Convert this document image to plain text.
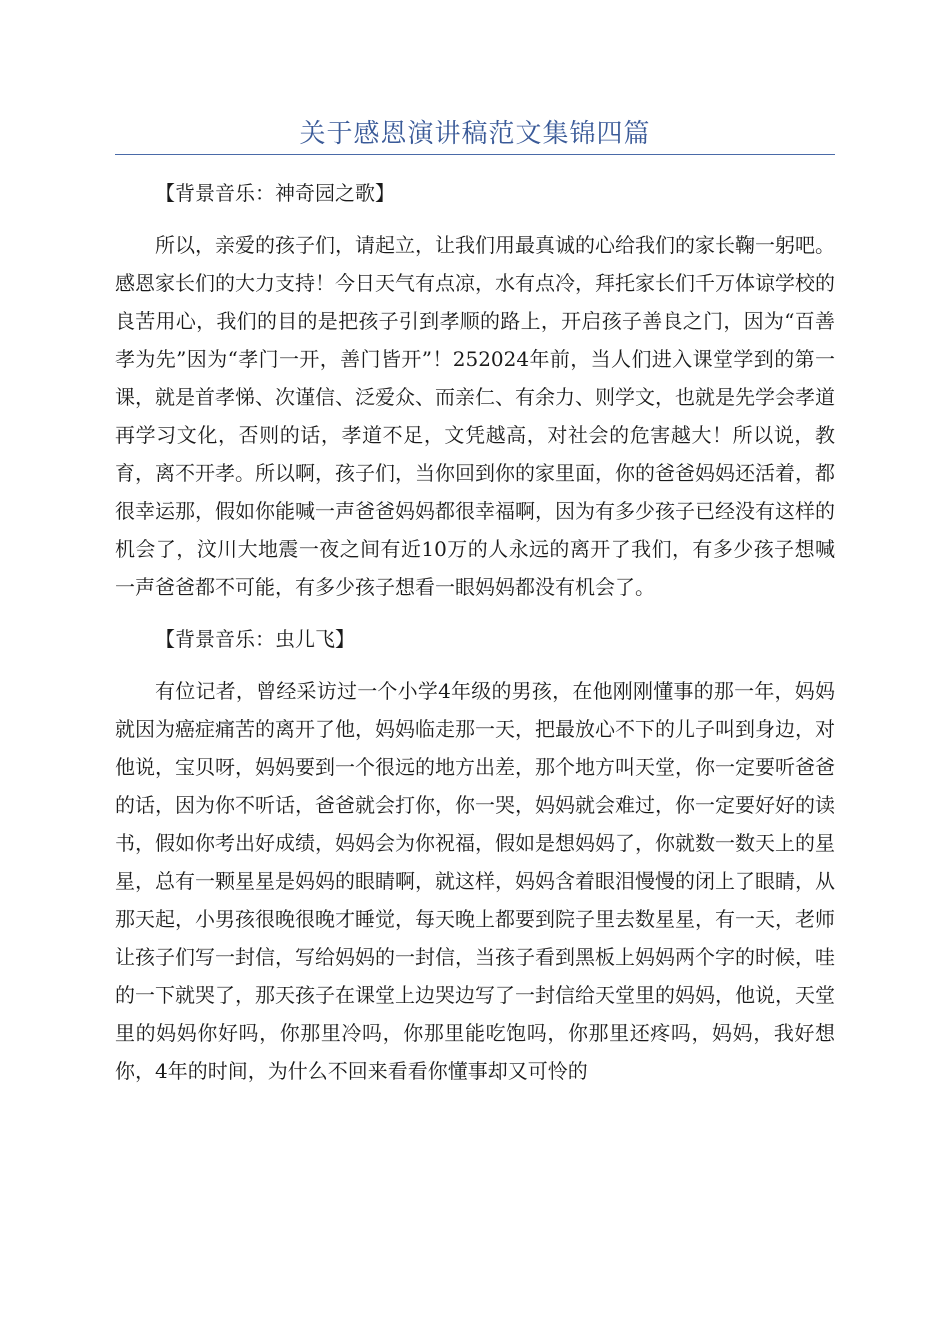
关于感恩演讲稿范文集锦四篇

【背景音乐：神奇园之歌】

所以，亲爱的孩子们，请起立，让我们用最真诚的心给我们的家长鞠一躬吧。感恩家长们的大力支持！今日天气有点凉，水有点冷，拜托家长们千万体谅学校的良苦用心，我们的目的是把孩子引到孝顺的路上，开启孩子善良之门，因为“百善孝为先”因为“孝门一开，善门皆开”！252024年前，当人们进入课堂学到的第一课，就是首孝悌、次谨信、泛爱众、而亲仁、有余力、则学文，也就是先学会孝道再学习文化，否则的话，孝道不足，文凭越高，对社会的危害越大！所以说，教育，离不开孝。所以啊，孩子们，当你回到你的家里面，你的爸爸妈妈还活着，都很幸运那，假如你能喊一声爸爸妈妈都很幸福啊，因为有多少孩子已经没有这样的机会了，汶川大地震一夜之间有近10万的人永远的离开了我们，有多少孩子想喊一声爸爸都不可能，有多少孩子想看一眼妈妈都没有机会了。

【背景音乐：虫儿飞】

有位记者，曾经采访过一个小学4年级的男孩，在他刚刚懂事的那一年，妈妈就因为癌症痛苦的离开了他，妈妈临走那一天，把最放心不下的儿子叫到身边，对他说，宝贝呀，妈妈要到一个很远的地方出差，那个地方叫天堂，你一定要听爸爸的话，因为你不听话，爸爸就会打你，你一哭，妈妈就会难过，你一定要好好的读书，假如你考出好成绩，妈妈会为你祝福，假如是想妈妈了，你就数一数天上的星星，总有一颗星星是妈妈的眼睛啊，就这样，妈妈含着眼泪慢慢的闭上了眼睛，从那天起，小男孩很晚很晚才睡觉，每天晚上都要到院子里去数星星，有一天，老师让孩子们写一封信，写给妈妈的一封信，当孩子看到黑板上妈妈两个字的时候，哇的一下就哭了，那天孩子在课堂上边哭边写了一封信给天堂里的妈妈，他说，天堂里的妈妈你好吗，你那里冷吗，你那里能吃饱吗，你那里还疼吗，妈妈，我好想你，4年的时间，为什么不回来看看你懂事却又可怜的
